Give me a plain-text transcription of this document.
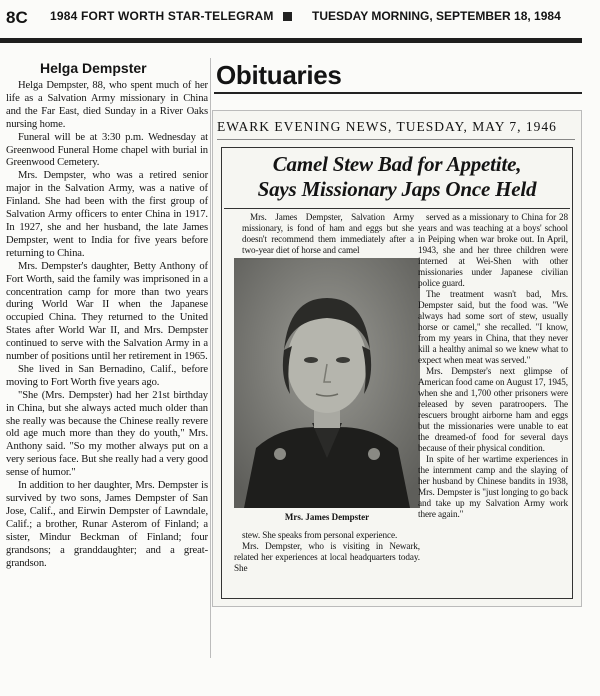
8C 1984 FORT WORTH STAR-TELEGRAM	TUESDAY MORNING, SEPTEMBER 18, 1984
Helga Dempster

Helga Dempster, 88, who spent much of her life as a Salvation Army missionary in China and the Far East, died Sunday in a River Oaks nursing home.

Funeral will be at 3:30 p.m. Wednesday at Greenwood Funeral Home chapel with burial in Greenwood Cemetery.

Mrs. Dempster, who was a retired senior major in the Salvation Army, was a native of Finland. She had been with the first group of Salvation Army officers to enter China in 1917. In 1927, she and her husband, the late James Dempster, went to India for five years before returning to China.

Mrs. Dempster's daughter, Betty Anthony of Fort Worth, said the family was imprisoned in a concentration camp for more than two years during World War II when the Japanese occupied China. They returned to the United States after World War II, and Mrs. Dempster continued to serve with the Salvation Army in a number of positions until her retirement in 1965.

She lived in San Bernadino, Calif., before moving to Fort Worth five years ago.

"She (Mrs. Dempster) had her 21st birthday in China, but she always acted much older than she really was because the Chinese really revere old age much more than they do youth," Mrs. Anthony said. "So my mother always put on a very serious face. But she really had a very good sense of humor."

In addition to her daughter, Mrs. Dempster is survived by two sons, James Dempster of San Jose, Calif., and Eirwin Dempster of Lawndale, Calif.; a brother, Runar Asterom of Finland; a sister, Mindur Beckman of Finland; four grandsons; a granddaughter; and a great-grandson.

Obituaries
EWARK EVENING NEWS, TUESDAY, MAY 7, 1946
Camel Stew Bad for Appetite,
Says Missionary Japs Once Held

Mrs. James Dempster, Salvation Army missionary, is fond of ham and eggs but she doesn't recommend them immediately after a two-year diet of horse and camel

Mrs. James Dempster

stew. She speaks from personal experience.

Mrs. Dempster, who is visiting in Newark, related her experiences at local headquarters today. She

served as a missionary to China for 28 years and was teaching at a boys' school in Peiping when war broke out. In April, 1943, she and her three children were interned at Wei-Shen with other missionaries under Japanese civilian police guard.

The treatment wasn't bad, Mrs. Dempster said, but the food was. "We always had some sort of stew, usually horse or camel," she recalled. "I know, from my years in China, that they never kill a healthy animal so we knew what to expect when meat was served."

Mrs. Dempster's next glimpse of American food came on August 17, 1945, when she and 1,700 other prisoners were released by seven paratroopers. The rescuers brought airborne ham and eggs but the missionaries were unable to eat the dreamed-of food for several days because of their physical condition.

In spite of her wartime experiences in the internment camp and the slaying of her husband by Chinese bandits in 1938, Mrs. Dempster is "just longing to go back and take up my Salvation Army work there again."
